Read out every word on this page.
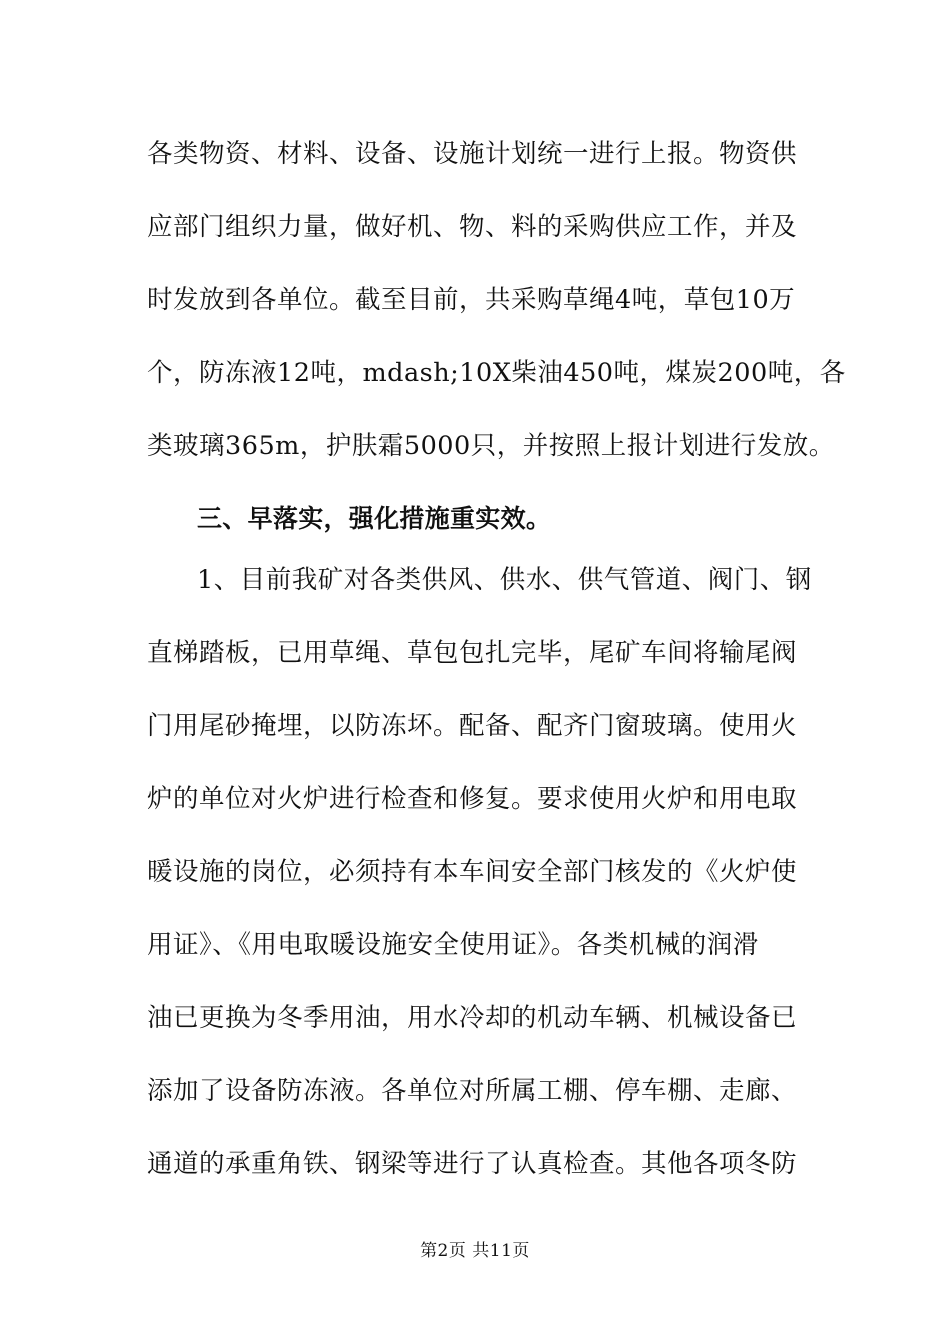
各类物资、材料、设备、设施计划统一进行上报。物资供
应部门组织力量，做好机、物、料的采购供应工作，并及
时发放到各单位。截至目前，共采购草绳4吨，草包10万
个，防冻液12吨，mdash;10X柴油450吨，煤炭200吨，各
类玻璃365m，护肤霜5000只，并按照上报计划进行发放。
三、早落实，强化措施重实效。
1、目前我矿对各类供风、供水、供气管道、阀门、钢
直梯踏板，已用草绳、草包包扎完毕，尾矿车间将输尾阀
门用尾砂掩埋，以防冻坏。配备、配齐门窗玻璃。使用火
炉的单位对火炉进行检查和修复。要求使用火炉和用电取
暖设施的岗位，必须持有本车间安全部门核发的《火炉使
用证》、《用电取暖设施安全使用证》。各类机械的润滑
油已更换为冬季用油，用水冷却的机动车辆、机械设备已
添加了设备防冻液。各单位对所属工棚、停车棚、走廊、
通道的承重角铁、钢梁等进行了认真检查。其他各项冬防
第2页 共11页
